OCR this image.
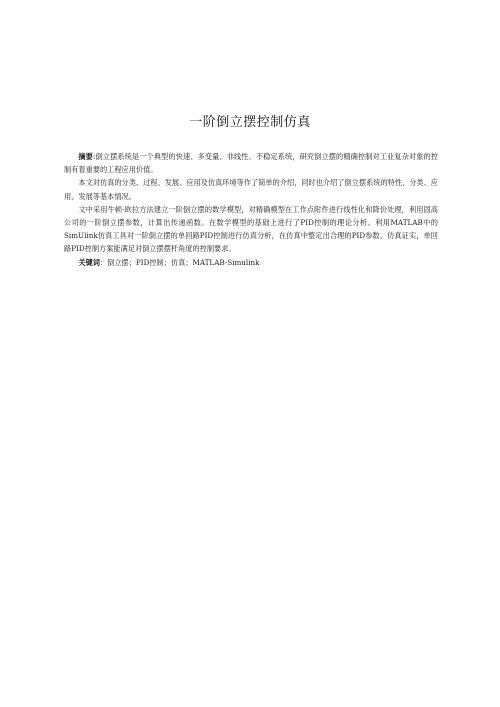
一阶倒立摆控制仿真

摘要:倒立摆系统是一个典型的快速、多变量、非线性、不稳定系统，研究倒立摆的精确控制对工业复杂对象的控制有着重要的工程应用价值。

本文对仿真的分类、过程、发展、应用及仿真环境等作了简单的介绍，同时也介绍了倒立摆系统的特性、分类、应用、发展等基本情况。

文中采用牛顿-欧拉方法建立一阶倒立摆的数学模型，对精确模型在工作点附件进行线性化和降价处理，利用固高公司的一阶倒立摆参数，计算出传递函数。在数学模型的基础上进行了PID控制的理论分析。利用MATLAB中的SimUlink仿真工具对一阶倒立摆的单回路PID控制进行仿真分析，在仿真中整定出合理的PID参数。仿真证实，单回路PID控制方案能满足对倒立摆摆杆角度的控制要求。

关键词：倒立摆；PID控制；仿真；MATLAB-Simulink
